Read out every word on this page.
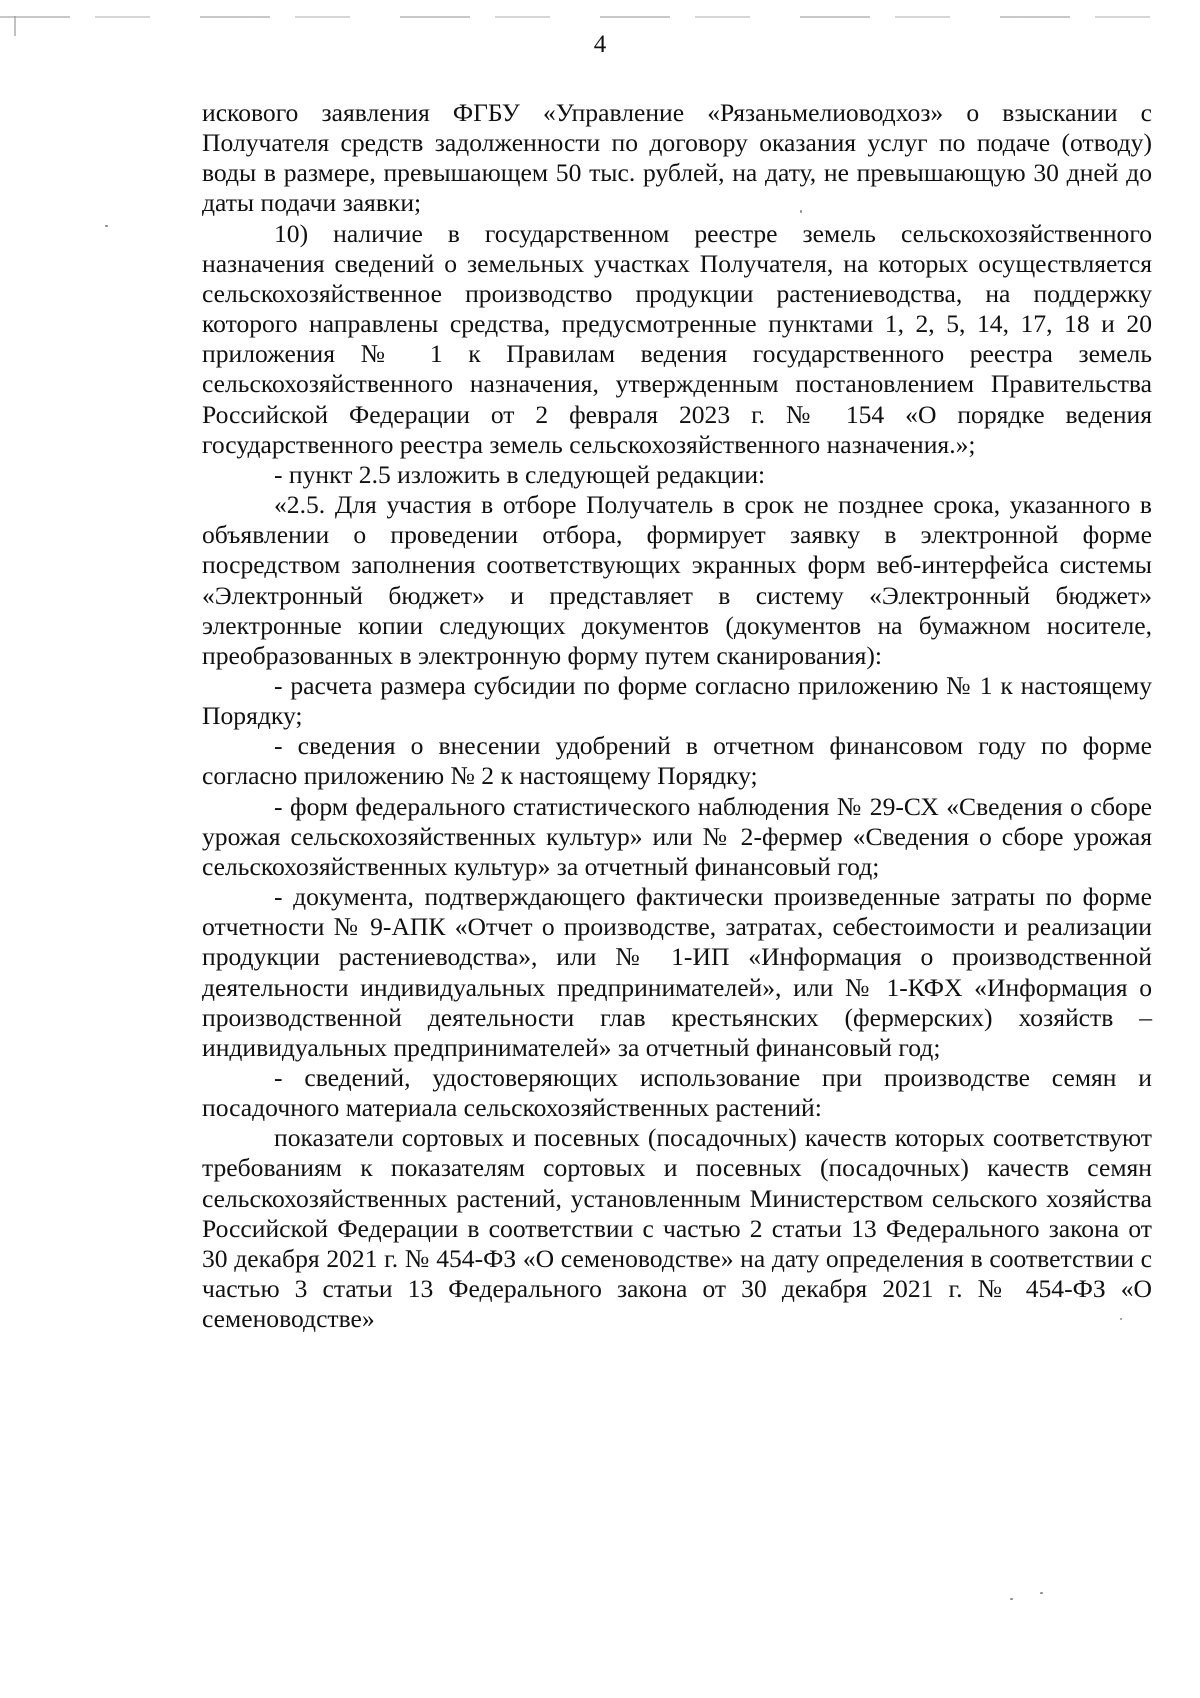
4

искового заявления ФГБУ «Управление «Рязаньмелиоводхоз» о взыскании с Получателя средств задолженности по договору оказания услуг по подаче (отводу) воды в размере, превышающем 50 тыс. рублей, на дату, не превышающую 30 дней до даты подачи заявки;

10) наличие в государственном реестре земель сельскохозяйственного назначения сведений о земельных участках Получателя, на которых осуществляется сельскохозяйственное производство продукции растениеводства, на поддержку которого направлены средства, предусмотренные пунктами 1, 2, 5, 14, 17, 18 и 20 приложения № 1 к Правилам ведения государственного реестра земель сельскохозяйственного назначения, утвержденным постановлением Правительства Российской Федерации от 2 февраля 2023 г. № 154 «О порядке ведения государственного реестра земель сельскохозяйственного назначения.»;

- пункт 2.5 изложить в следующей редакции:

«2.5. Для участия в отборе Получатель в срок не позднее срока, указанного в объявлении о проведении отбора, формирует заявку в электронной форме посредством заполнения соответствующих экранных форм веб-интерфейса системы «Электронный бюджет» и представляет в систему «Электронный бюджет» электронные копии следующих документов (документов на бумажном носителе, преобразованных в электронную форму путем сканирования):

- расчета размера субсидии по форме согласно приложению № 1 к настоящему Порядку;

- сведения о внесении удобрений в отчетном финансовом году по форме согласно приложению № 2 к настоящему Порядку;

- форм федерального статистического наблюдения № 29-СХ «Сведения о сборе урожая сельскохозяйственных культур» или № 2-фермер «Сведения о сборе урожая сельскохозяйственных культур» за отчетный финансовый год;

- документа, подтверждающего фактически произведенные затраты по форме отчетности № 9-АПК «Отчет о производстве, затратах, себестоимости и реализации продукции растениеводства», или № 1-ИП «Информация о производственной деятельности индивидуальных предпринимателей», или № 1-КФХ «Информация о производственной деятельности глав крестьянских (фермерских) хозяйств – индивидуальных предпринимателей» за отчетный финансовый год;

- сведений, удостоверяющих использование при производстве семян и посадочного материала сельскохозяйственных растений:

показатели сортовых и посевных (посадочных) качеств которых соответствуют требованиям к показателям сортовых и посевных (посадочных) качеств семян сельскохозяйственных растений, установленным Министерством сельского хозяйства Российской Федерации в соответствии с частью 2 статьи 13 Федерального закона от 30 декабря 2021 г. № 454-ФЗ «О семеноводстве» на дату определения в соответствии с частью 3 статьи 13 Федерального закона от 30 декабря 2021 г. № 454-ФЗ «О семеноводстве»
